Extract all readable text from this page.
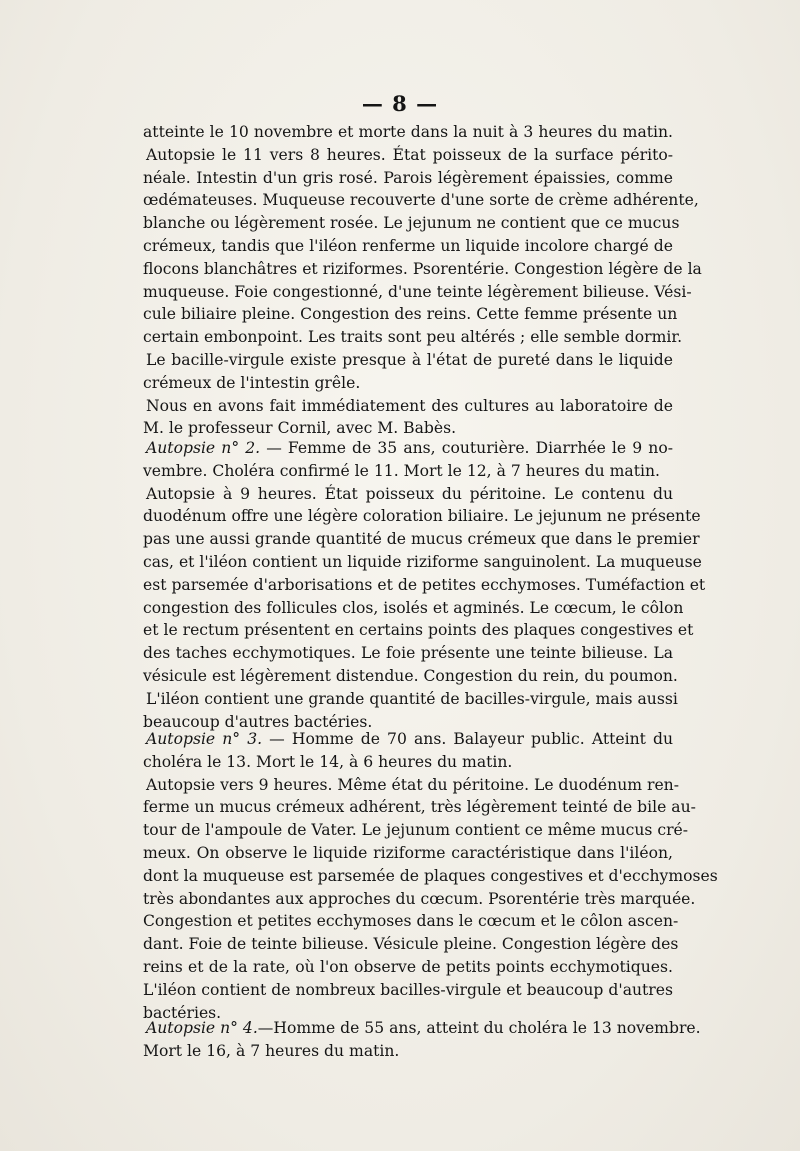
— 8 —
atteinte le 10 novembre et morte dans la nuit à 3 heures du matin.
Autopsie le 11 vers 8 heures. État poisseux de la surface périto-
néale. Intestin d'un gris rosé. Parois légèrement épaissies, comme
œdémateuses. Muqueuse recouverte d'une sorte de crème adhérente,
blanche ou légèrement rosée. Le jejunum ne contient que ce mucus
crémeux, tandis que l'iléon renferme un liquide incolore chargé de
flocons blanchâtres et riziformes. Psorentérie. Congestion légère de la
muqueuse. Foie congestionné, d'une teinte légèrement bilieuse. Vési-
cule biliaire pleine. Congestion des reins. Cette femme présente un
certain embonpoint. Les traits sont peu altérés ; elle semble dormir.
Le bacille-virgule existe presque à l'état de pureté dans le liquide
crémeux de l'intestin grêle.
Nous en avons fait immédiatement des cultures au laboratoire de
M. le professeur Cornil, avec M. Babès.
Autopsie n° 2. — Femme de 35 ans, couturière. Diarrhée le 9 no-
vembre. Choléra confirmé le 11. Mort le 12, à 7 heures du matin.
Autopsie à 9 heures. État poisseux du péritoine. Le contenu du
duodénum offre une légère coloration biliaire. Le jejunum ne présente
pas une aussi grande quantité de mucus crémeux que dans le premier
cas, et l'iléon contient un liquide riziforme sanguinolent. La muqueuse
est parsemée d'arborisations et de petites ecchymoses. Tuméfaction et
congestion des follicules clos, isolés et agminés. Le cœcum, le côlon
et le rectum présentent en certains points des plaques congestives et
des taches ecchymotiques. Le foie présente une teinte bilieuse. La
vésicule est légèrement distendue. Congestion du rein, du poumon.
L'iléon contient une grande quantité de bacilles-virgule, mais aussi
beaucoup d'autres bactéries.
Autopsie n° 3. — Homme de 70 ans. Balayeur public. Atteint du
choléra le 13. Mort le 14, à 6 heures du matin.
Autopsie vers 9 heures. Même état du péritoine. Le duodénum ren-
ferme un mucus crémeux adhérent, très légèrement teinté de bile au-
tour de l'ampoule de Vater. Le jejunum contient ce même mucus cré-
meux. On observe le liquide riziforme caractéristique dans l'iléon,
dont la muqueuse est parsemée de plaques congestives et d'ecchymoses
très abondantes aux approches du cœcum. Psorentérie très marquée.
Congestion et petites ecchymoses dans le cœcum et le côlon ascen-
dant. Foie de teinte bilieuse. Vésicule pleine. Congestion légère des
reins et de la rate, où l'on observe de petits points ecchymotiques.
L'iléon contient de nombreux bacilles-virgule et beaucoup d'autres
bactéries.
Autopsie n° 4.—Homme de 55 ans, atteint du choléra le 13 novembre.
Mort le 16, à 7 heures du matin.
